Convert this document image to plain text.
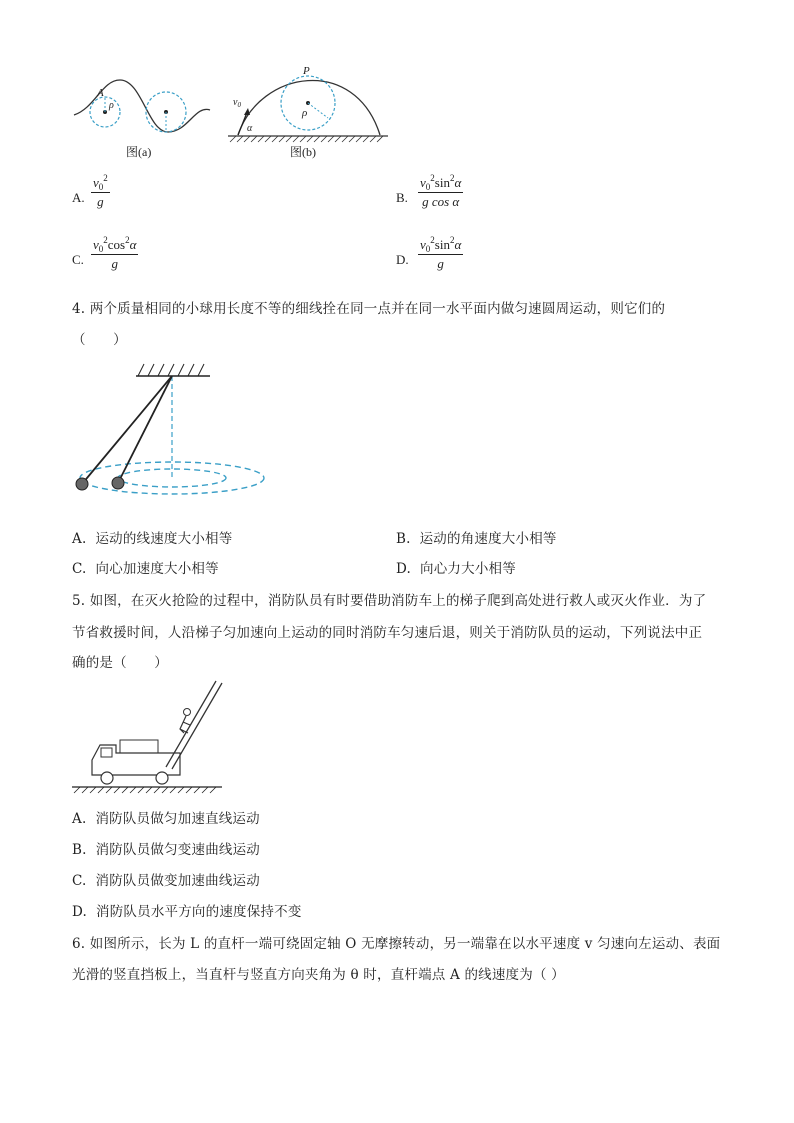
A
ρ
图(a)
ρ
P
$v_0$
α
图(b)
A. $\frac{v_0^2}{g}$	B. $\frac{v_0^2\sin^2\alpha}{\text{g cos α}}$
C. $\frac{v_0^2\cos^2\alpha}{g}$	D. $\frac{v_0^2\sin^2\alpha}{g}$
4. 两个质量相同的小球用长度不等的细线拴在同一点并在同一水平面内做匀速圆周运动，则它们的
（　　）
A. 运动的线速度大小相等	B. 运动的角速度大小相等
C. 向心加速度大小相等	D. 向心力大小相等
5. 如图，在灭火抢险的过程中，消防队员有时要借助消防车上的梯子爬到高处进行救人或灭火作业．为了
节省救援时间，人沿梯子匀加速向上运动的同时消防车匀速后退，则关于消防队员的运动，下列说法中正
确的是（　　）
A. 消防队员做匀加速直线运动
B. 消防队员做匀变速曲线运动
C. 消防队员做变加速曲线运动
D. 消防队员水平方向的速度保持不变
6. 如图所示，长为 L 的直杆一端可绕固定轴 O 无摩擦转动，另一端靠在以水平速度 v 匀速向左运动、表面
光滑的竖直挡板上，当直杆与竖直方向夹角为 θ 时，直杆端点 A 的线速度为（ ）
